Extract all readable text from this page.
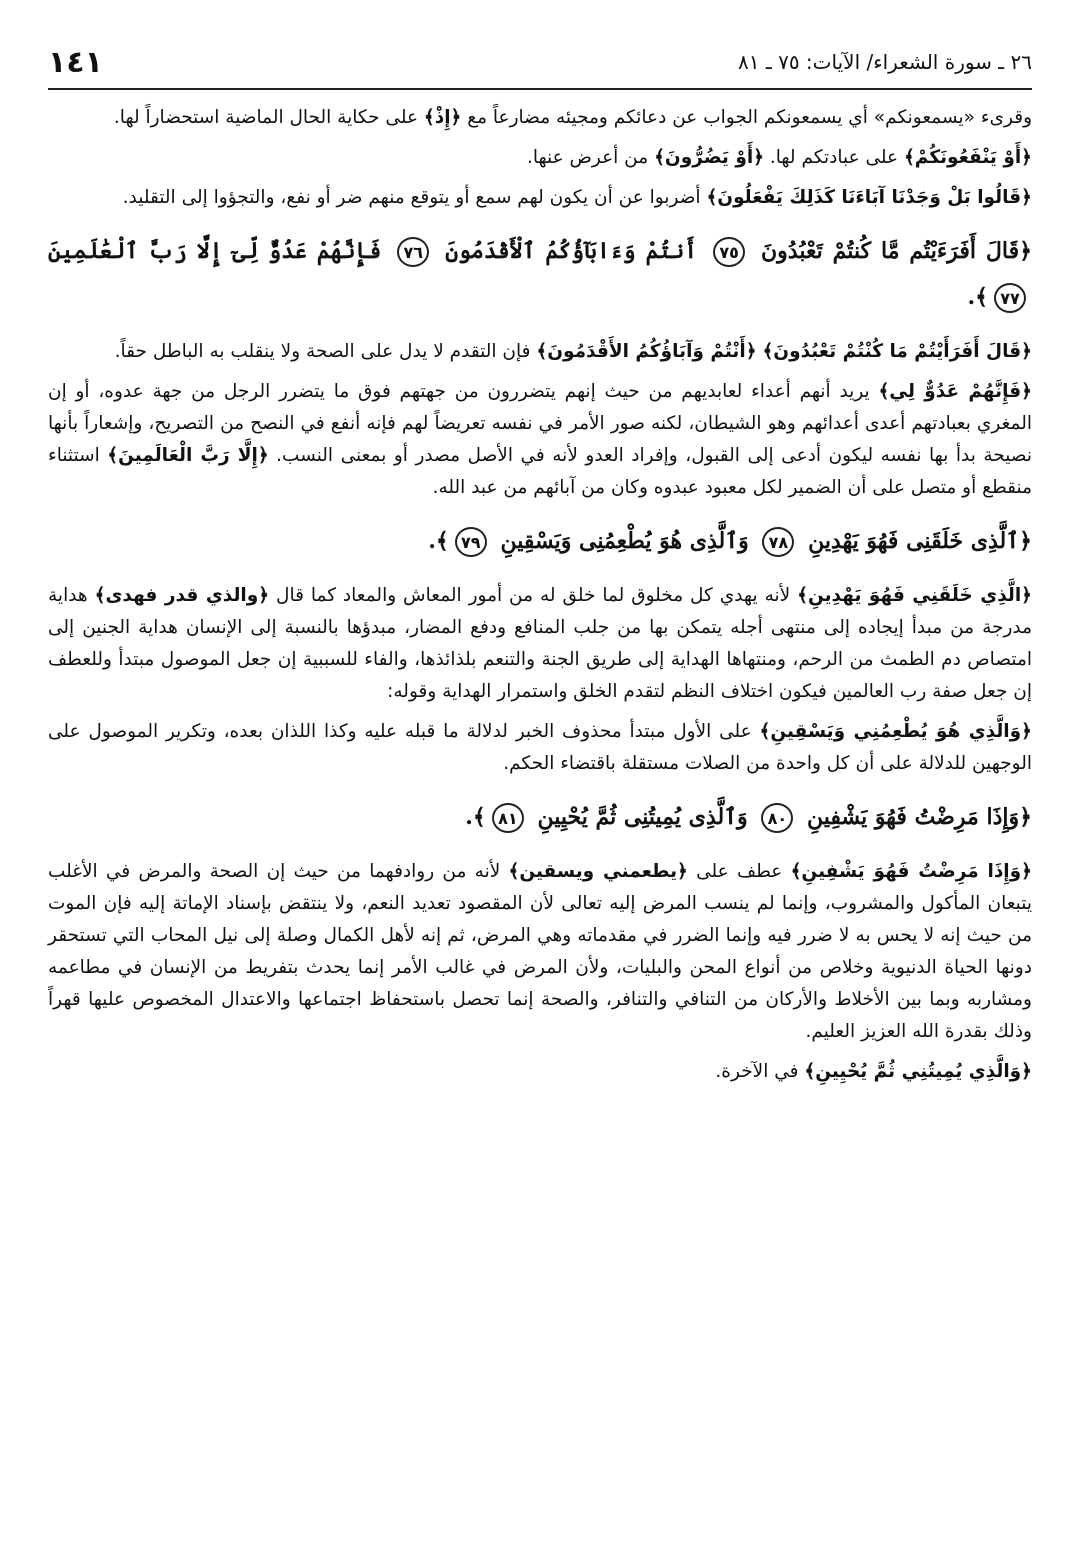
٢٦ ـ سورة الشعراء/ الآيات: ٧٥ ـ ٨١
١٤١

وقرىء «يسمعونكم» أي يسمعونكم الجواب عن دعائكم ومجيئه مضارعاً مع ﴿إِذْ﴾ على حكاية الحال الماضية استحضاراً لها.

﴿أَوْ يَنْفَعُونَكُمْ﴾ على عبادتكم لها. ﴿أَوْ يَضُرُّونَ﴾ من أعرض عنها.

﴿قَالُوا بَلْ وَجَدْنَا آبَاءَنَا كَذَلِكَ يَفْعَلُونَ﴾ أضربوا عن أن يكون لهم سمع أو يتوقع منهم ضر أو نفع، والتجؤوا إلى التقليد.

﴿قَالَ أَفَرَءَيْتُم مَّا كُنتُمْ تَعْبُدُونَ ٧٥ أَنتُمْ وَءَابَآؤُكُمُ ٱلْأَقْدَمُونَ ٧٦ فَإِنَّهُمْ عَدُوٌّ لِّىٓ إِلَّا رَبَّ ٱلْعَٰلَمِينَ ٧٧﴾.

﴿قَالَ أَفَرَأَيْتُمْ مَا كُنْتُمْ تَعْبُدُونَ﴾ ﴿أَنْتُمْ وَآبَاؤُكُمُ الأَقْدَمُونَ﴾ فإن التقدم لا يدل على الصحة ولا ينقلب به الباطل حقاً.

﴿فَإِنَّهُمْ عَدُوٌّ لِي﴾ يريد أنهم أعداء لعابديهم من حيث إنهم يتضررون من جهتهم فوق ما يتضرر الرجل من جهة عدوه، أو إن المغري بعبادتهم أعدى أعدائهم وهو الشيطان، لكنه صور الأمر في نفسه تعريضاً لهم فإنه أنفع في النصح من التصريح، وإشعاراً بأنها نصيحة بدأ بها نفسه ليكون أدعى إلى القبول، وإفراد العدو لأنه في الأصل مصدر أو بمعنى النسب. ﴿إِلَّا رَبَّ الْعَالَمِينَ﴾ استثناء منقطع أو متصل على أن الضمير لكل معبود عبدوه وكان من آبائهم من عبد الله.

﴿ٱلَّذِى خَلَقَنِى فَهُوَ يَهْدِينِ ٧٨ وَٱلَّذِى هُوَ يُطْعِمُنِى وَيَسْقِينِ ٧٩﴾.

﴿الَّذِي خَلَقَنِي فَهُوَ يَهْدِينِ﴾ لأنه يهدي كل مخلوق لما خلق له من أمور المعاش والمعاد كما قال ﴿والذي قدر فهدى﴾ هداية مدرجة من مبدأ إيجاده إلى منتهى أجله يتمكن بها من جلب المنافع ودفع المضار، مبدؤها بالنسبة إلى الإنسان هداية الجنين إلى امتصاص دم الطمث من الرحم، ومنتهاها الهداية إلى طريق الجنة والتنعم بلذائذها، والفاء للسببية إن جعل الموصول مبتدأ وللعطف إن جعل صفة رب العالمين فيكون اختلاف النظم لتقدم الخلق واستمرار الهداية وقوله:

﴿وَالَّذِي هُوَ يُطْعِمُنِي وَيَسْقِينِ﴾ على الأول مبتدأ محذوف الخبر لدلالة ما قبله عليه وكذا اللذان بعده، وتكرير الموصول على الوجهين للدلالة على أن كل واحدة من الصلات مستقلة باقتضاء الحكم.

﴿وَإِذَا مَرِضْتُ فَهُوَ يَشْفِينِ ٨٠ وَٱلَّذِى يُمِيتُنِى ثُمَّ يُحْيِينِ ٨١﴾.

﴿وَإِذَا مَرِضْتُ فَهُوَ يَشْفِينِ﴾ عطف على ﴿يطعمني ويسقين﴾ لأنه من روادفهما من حيث إن الصحة والمرض في الأغلب يتبعان المأكول والمشروب، وإنما لم ينسب المرض إليه تعالى لأن المقصود تعديد النعم، ولا ينتقض بإسناد الإماتة إليه فإن الموت من حيث إنه لا يحس به لا ضرر فيه وإنما الضرر في مقدماته وهي المرض، ثم إنه لأهل الكمال وصلة إلى نيل المحاب التي تستحقر دونها الحياة الدنيوية وخلاص من أنواع المحن والبليات، ولأن المرض في غالب الأمر إنما يحدث بتفريط من الإنسان في مطاعمه ومشاربه وبما بين الأخلاط والأركان من التنافي والتنافر، والصحة إنما تحصل باستحفاظ اجتماعها والاعتدال المخصوص عليها قهراً وذلك بقدرة الله العزيز العليم.

﴿وَالَّذِي يُمِيتُنِي ثُمَّ يُحْيِينِ﴾ في الآخرة.
